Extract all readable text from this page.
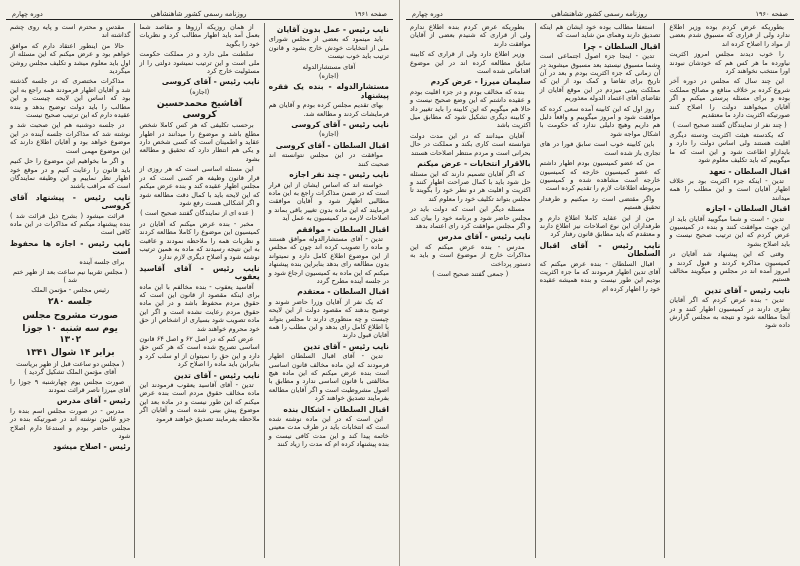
صفحه ۱۹۶۱
روزنامه رسمی کشور شاهنشاهی
دوره چهارم
نایب رئیس - عمل بدون آقایان
باید مینمود که بعضی از مجلس شورای ملی از انتخابات خودش خارج بشود و قانون ترتیب باید خوب نیست
آقای مستشارالدوله
(اجازه)
مستشارالدوله - بنده یک فقره پیشنهاد
بهای تقدیم مجلس کرده بودم و آقایان هم فرمایشات کردند و مطالعه شد.
نایب رئیس - آقای کروسی
(اجازه)
اقبال السلطان - آقای کروسی
موافقت در این مجلس نتوانسته اند صحبت کنند
نایب رئیس - چند نفر اجازه
خواسته اند که اساس ایشان از این قرار است که در ضمن مذاکرات راجع به این ماده مطالبی اظهار شود و آقایان موافقت فرمایند که این ماده بدون تغییر باقی بماند و اصلاحات لازمه در کمیسیون به عمل آید
اقبال السلطان - موافقم
تدین - آقای مستشارالدوله موافق هستند و ماده را تصویب کرده اند چون که مجلس از این موضوع اطلاع کامل دارد و نمیتواند بدون مطالعه رای بدهد بنابراین بنده پیشنهاد میکنم که این ماده به کمیسیون ارجاع شود و در جلسه آینده مطرح گردد
اقبال السلطان - معتقدم
که یک نفر از آقایان وزرا حاضر شوند و توضیح بدهند که مقصود دولت از این لایحه چیست و چه منظوری دارند تا مجلس بتواند با اطلاع کامل رای بدهد و این مطلب را همه آقایان قبول دارند
نایب رئیس - آقای تدین
تدین - آقای اقبال السلطان اظهار فرمودند که این ماده مخالف قانون اساسی است بنده عرض میکنم که این ماده هیچ مخالفتی با قانون اساسی ندارد و مطابق با اصول مشروطیت است و اگر آقایان مطالعه بفرمایند تصدیق خواهند کرد
اقبال السلطان - اشکال بنده
این است که در این ماده نوشته شده است که انتخابات باید در ظرف مدت معینی خاتمه پیدا کند و این مدت کافی نیست و بنده پیشنهاد کرده ام که مدت را زیاد کنند
از همان روزیکه آرزوها و مقاصد شما بعمل آمد باید اظهار مطالب کرد و نظریات خود را بگوید
سلطنت ملی دارد و در مملکت حکومت ملی است و این ترتیب نمیشود دولتی را از مسئولیت خارج کرد
نایب رئیس - آقای کروسی
(اجازه)
آقاشیخ محمدحسین کروسی
برحسب تکلیفی که هر کس کاملا شخص مطلع باشد و موضوع را میدانند در اظهار عقاید و اطمینان است که کسی شخص دارد و یکی هم انتظار دارد که تحقیق و مطالعه بشود
این مسئله اساسی است که هر روزی از قرار قانون وظیفه هر کسی است که در مجلس اظهار عقیده کند و بنده عرض میکنم که این لایحه باید با کمال دقت مطالعه شود و اگر اشکالی هست رفع شود
( عده ای از نمایندگان گفتند صحیح است )
مخبر - بنده عرض میکنم که آقایان در کمیسیون این موضوع را کاملا مطالعه کردند و نظریات همه را ملاحظه نمودند و عاقبت به این نتیجه رسیدند که ماده به همین ترتیب نوشته شود و اصلاح دیگری لازم ندارد
نایب رئیس - آقای آقاسید یعقوب
آقاسید یعقوب - بنده مخالفم با این ماده برای اینکه مقصود از قانون این است که حقوق مردم محفوظ باشد و در این ماده حقوق مردم رعایت نشده است و اگر این ماده تصویب شود بسیاری از اشخاص از حق خود محروم خواهند شد
عرض کنم که در اصل ۶۲ و اصل ۶۴ قانون اساسی تصریح شده است که هر کس حق دارد و این حق را نمیتوان از او سلب کرد و بنابراین باید ماده را اصلاح کرد
نایب رئیس - آقای تدین
تدین - آقای آقاسید یعقوب فرمودند این ماده مخالف حقوق مردم است بنده عرض میکنم که این طور نیست و در ماده بعد این موضوع پیش بینی شده است و آقایان اگر ملاحظه بفرمایند تصدیق خواهند فرمود
مقدس و محترم است و پایه روی چشم گذاشته اند
حالا من اینطور اعتقاد دارم که موافق خواهم بود و عرض میکنم که این مسئله از اول باید معلوم میشد و تکلیف مجلس روشن میگردید
مذاکرات مختصری که در جلسه گذشته شد و آقایان اظهار فرمودند همه راجع به این بود که اساس این لایحه چیست و این مطالب را باید دولت توضیح بدهد و بنده عقیده دارم که این ترتیب صحیح نیست
در جلسه دوشنبه هم این صحبت شد و نوشته شد که مذاکرات جلسه آینده در این موضوع خواهد بود و آقایان اطلاع دارند که این موضوع مهمی است
و اگر ما بخواهیم این موضوع را حل کنیم باید قانون را رعایت کنیم و در موقع خود اظهار نظر نماییم و این وظیفه نمایندگان است که مراقب باشند
نایب رئیس - پیشنهاد آقای کروسی
قرائت میشود ( بشرح ذیل قرائت شد ) بنده پیشنهاد میکنم که مذاکرات در این ماده کافی است
نایب رئیس - اجازه ها محفوظ است
برای جلسه آینده
( مجلس تقریبا نیم ساعت بعد از ظهر ختم شد )
رئیس مجلس - مؤتمن الملک
جلسه ۲۸۰
صورت مشروح مجلس
یوم سه شنبه ۱۰ جوزا ۱۳۰۲
برابر ۱۴ شوال ۱۳۴۱
( مجلس دو ساعت قبل از ظهر بریاست آقای مؤتمن الملک تشکیل گردید )
صورت مجلس یوم چهارشنبه ۹ جوزا را آقای میرزا ناصر قرائت نمودند
رئیس - آقای مدرس
مدرس - در صورت مجلس اسم بنده را جزو غائبین نوشته اند در صورتیکه بنده در مجلس حاضر بودم و استدعا دارم اصلاح شود
رئیس - اصلاح میشود
صفحه ۱۹۶۰
روزنامه رسمی کشور شاهنشاهی
دوره چهارم
بطوریکه عرض کردم بوده وزیر اطلاع ندارد ولی از قراری که مسبوق شدم بعضی از مواد را اصلاح کرده اند
را خوب دیدند مجلس امروز اکثریت نیاورده ما هر کس هم که خودشان نبودند اورا منتخب نخواهند کرد
این چند سال که مجلس در دوره آخر شروع کرده بر خلاف منافع و مصالح مملکت بوده و برای مسئله پرستی میکنم و اگر آقایان میخواهند دولت را اصلاح کنند صورتیکه اکثریت دارد ما معتقدیم
( چند نفر از نمایندگان گفتند صحیح است )
که یکدسته هیئت اکثریت ودسته دیگری اقلیت هستند ولی اساس دولت را دارد و بایدازاو اطاعت شود و این است که ما میگوییم که باید تکلیف معلوم شود
اقبال السلطان - تعهد
تدین - اینکه جزء اکثریت بود بر خلاف اظهار آقایان است و این مطلب را همه میدانند
اقبال السلطان - اجازه
تدین - است و شما میگویید آقایان باید از این جهت موافقت کنند و بنده در کمیسیون عرض کردم که این ترتیب صحیح نیست و باید اصلاح بشود
وقتی که این پیشنهاد شد آقایان در کمیسیون مذاکره کردند و قبول کردند و امروز آمده اند در مجلس و میگویند مخالف هستیم
نایب رئیس - آقای تدین
تدین - بنده عرض کردم که اگر آقایان نظری دارند در کمیسیون اظهار کنند و در آنجا مطالعه شود و نتیجه به مجلس گزارش داده شود
استعفا مطالب بوده خود ایشان هم اینکه تصدیق دارند وهمای من شاید است که
اقبال السلطان - چرا
تدین - اینجا جزء اصول اجتماعی است وشما مسبوق نیستید بعد مسبوق میشوید در آن زمانی که جزء اکثریت بودم و بعد در آن تاریخ برای تقاضا و کمک بود از این که مملکت یعنی میزدم در این موقع آقایان از تقاضای آقای اعتماد الدوله معذوریم
روز اول که این کابینه آمده سعی کرده که موافقت شود و امروز میگوییم و واقعاً دلیل هم داریم وهیچ دلیلی ندارد که حکومت با اشکال مواجه شود
باین کابینه خوب است سابق فورا در های تجاری باز شده است
من که عضو کمیسیون بودم اظهار داشتم که عضو کمیسیون خارجه که کمیسیون خارجه است مشاهده شده و کمیسیون مربوطه اطلاعات لازم را تقدیم کرده است
واگر مقتضی است رد میکنیم و طرفدار تحقیق هستیم
من از این عقاید کاملا اطلاع دارم و طرفداران این نوع اصلاحات نیز اطلاع دارند و معتقدم که باید مطابق قانون رفتار کرد
نایب رئیس - آقای اقبال السلطان
اقبال السلطان - بنده عرض میکنم که آقای تدین اظهار فرمودند که ما جزء اکثریت بودیم این طور نیست و بنده همیشه عقیده خود را اظهار کرده ام
بطوریکه عرض کردم بنده اطلاع ندارم ولی از قراری که شنیدم بعضی از آقایان موافقت دارند
وزیر اطلاع دارد ولی از قراری که کابینه سابق مطالعه کرده اند در این موضوع اقداماتی شده است
سلیمان میرزا - عرض کردم
بنده که مخالف بودم و در جزء اقلیت بودم و عقیده داشتم که این وضع صحیح نیست و حالا هم میگویم که این کابینه را باید تغییر داد و کابینه دیگری تشکیل شود که مطابق میل اکثریت باشد
آقایان میدانند که در این مدت دولت نتوانسته است کاری بکند و مملکت در حال بحرانی است و مردم منتظر اصلاحات هستند
بالاقرار انتخابات - عرض میکنم
که اگر آقایان تصمیم دارند که این مسئله حل شود باید با کمال صراحت اظهار کنند و اکثریت و اقلیت هر دو نظر خود را بگویند تا مجلس بتواند تکلیف خود را معلوم کند
مسئله دیگر این است که دولت باید در مجلس حاضر شود و برنامه خود را بیان کند و اگر مجلس موافقت کرد رای اعتماد بدهد
نایب رئیس - آقای مدرس
مدرس - بنده عرض میکنم که این مذاکرات خارج از موضوع است و باید به دستور پرداخت
( جمعی گفتند صحیح است )
